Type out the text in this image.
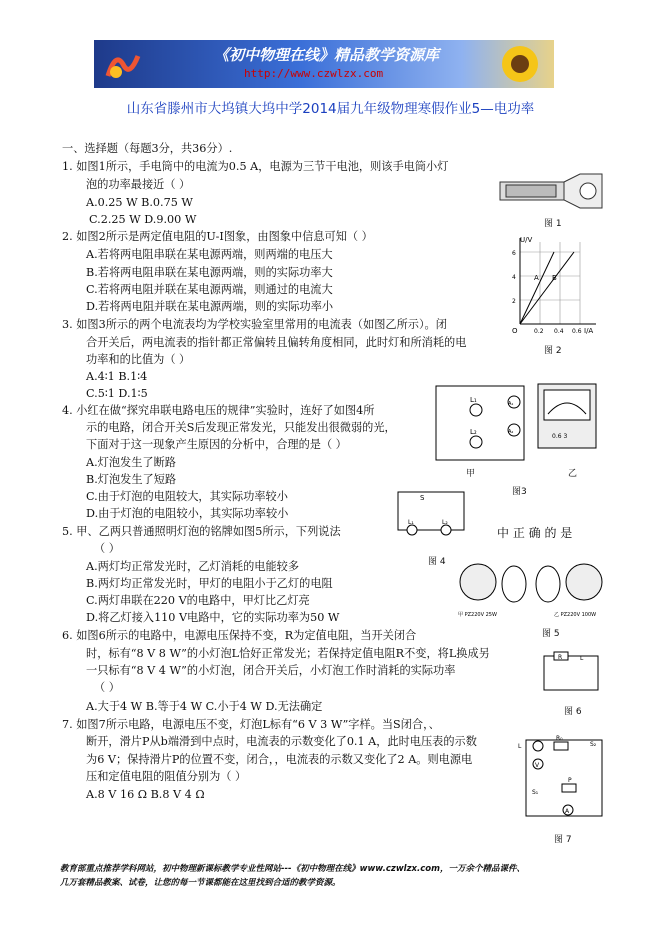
《初中物理在线》精品教学资源库
http://www.czwlzx.com
山东省滕州市大坞镇大坞中学2014届九年级物理寒假作业5—电功率
一、选择题（每题3分，共36分）.
1. 如图1所示，手电筒中的电流为0.5 A，电源为三节干电池，则该手电筒小灯
泡的功率最接近（ ）
A.0.25 W B.0.75 W
C.2.25 W D.9.00 W
2. 如图2所示是两定值电阻的U-I图象，由图象中信息可知（ ）
A.若将两电阻串联在某电源两端，则两端的电压大
B.若将两电阻串联在某电源两端，则的实际功率大
C.若将两电阻并联在某电源两端，则通过的电流大
D.若将两电阻并联在某电源两端，则的实际功率小
3. 如图3所示的两个电流表均为学校实验室里常用的电流表（如图乙所示）。闭
合开关后，两电流表的指针都正常偏转且偏转角度相同，此时灯和所消耗的电
功率和的比值为（ ）
A.4∶1 B.1∶4
C.5∶1 D.1∶5
4. 小红在做“探究串联电路电压的规律”实验时，连好了如图4所
示的电路，闭合开关S后发现正常发光，只能发出很微弱的光，
下面对于这一现象产生原因的分析中，合理的是（ ）
A.灯泡发生了断路
B.灯泡发生了短路
C.由于灯泡的电阻较大，其实际功率较小
D.由于灯泡的电阻较小，其实际功率较小
5. 甲、乙两只普通照明灯泡的铭牌如图5所示，下列说法
（ ）
A.两灯均正常发光时，乙灯消耗的电能较多
B.两灯均正常发光时，甲灯的电阻小于乙灯的电阻
C.两灯串联在220 V的电路中，甲灯比乙灯亮
D.将乙灯接入110 V电路中，它的实际功率为50 W
6. 如图6所示的电路中，电源电压保持不变，R为定值电阻，当开关闭合
时，标有“8 V 8 W”的小灯泡L恰好正常发光；若保持定值电阻R不变，将L换成另
一只标有“8 V 4 W”的小灯泡，闭合开关后，小灯泡工作时消耗的实际功率
（ ）
A.大于4 W B.等于4 W C.小于4 W D.无法确定
7. 如图7所示电路，电源电压不变，灯泡L标有“6 V 3 W”字样。当S闭合，、
断开，滑片P从b端滑到中点时，电流表的示数变化了0.1 A，此时电压表的示数
为6 V；保持滑片P的位置不变，闭合，，电流表的示数又变化了2 A。则电源电
压和定值电阻的阻值分别为（ ）
A.8 V 16 Ω B.8 V 4 Ω
中 正 确 的 是
图 1
U/V
I/A
O	0.2 0.4 0.6
2
4
6
A B
图 2
L₁
L₂
A₁
A₂
0.6 3
甲	乙
图3
S
L₁	L₂
图 4
甲 PZ220V 25W	乙 PZ220V 100W
图 5
R	L
图 6
L
V
A
R₀
S₂
S₁
P
图 7
教育部重点推荐学科网站，初中物理新课标教学专业性网站---《初中物理在线》www.czwlzx.com，一万余个精品课件、
几万套精品教案、试卷，让您的每一节课都能在这里找到合适的教学资源。
